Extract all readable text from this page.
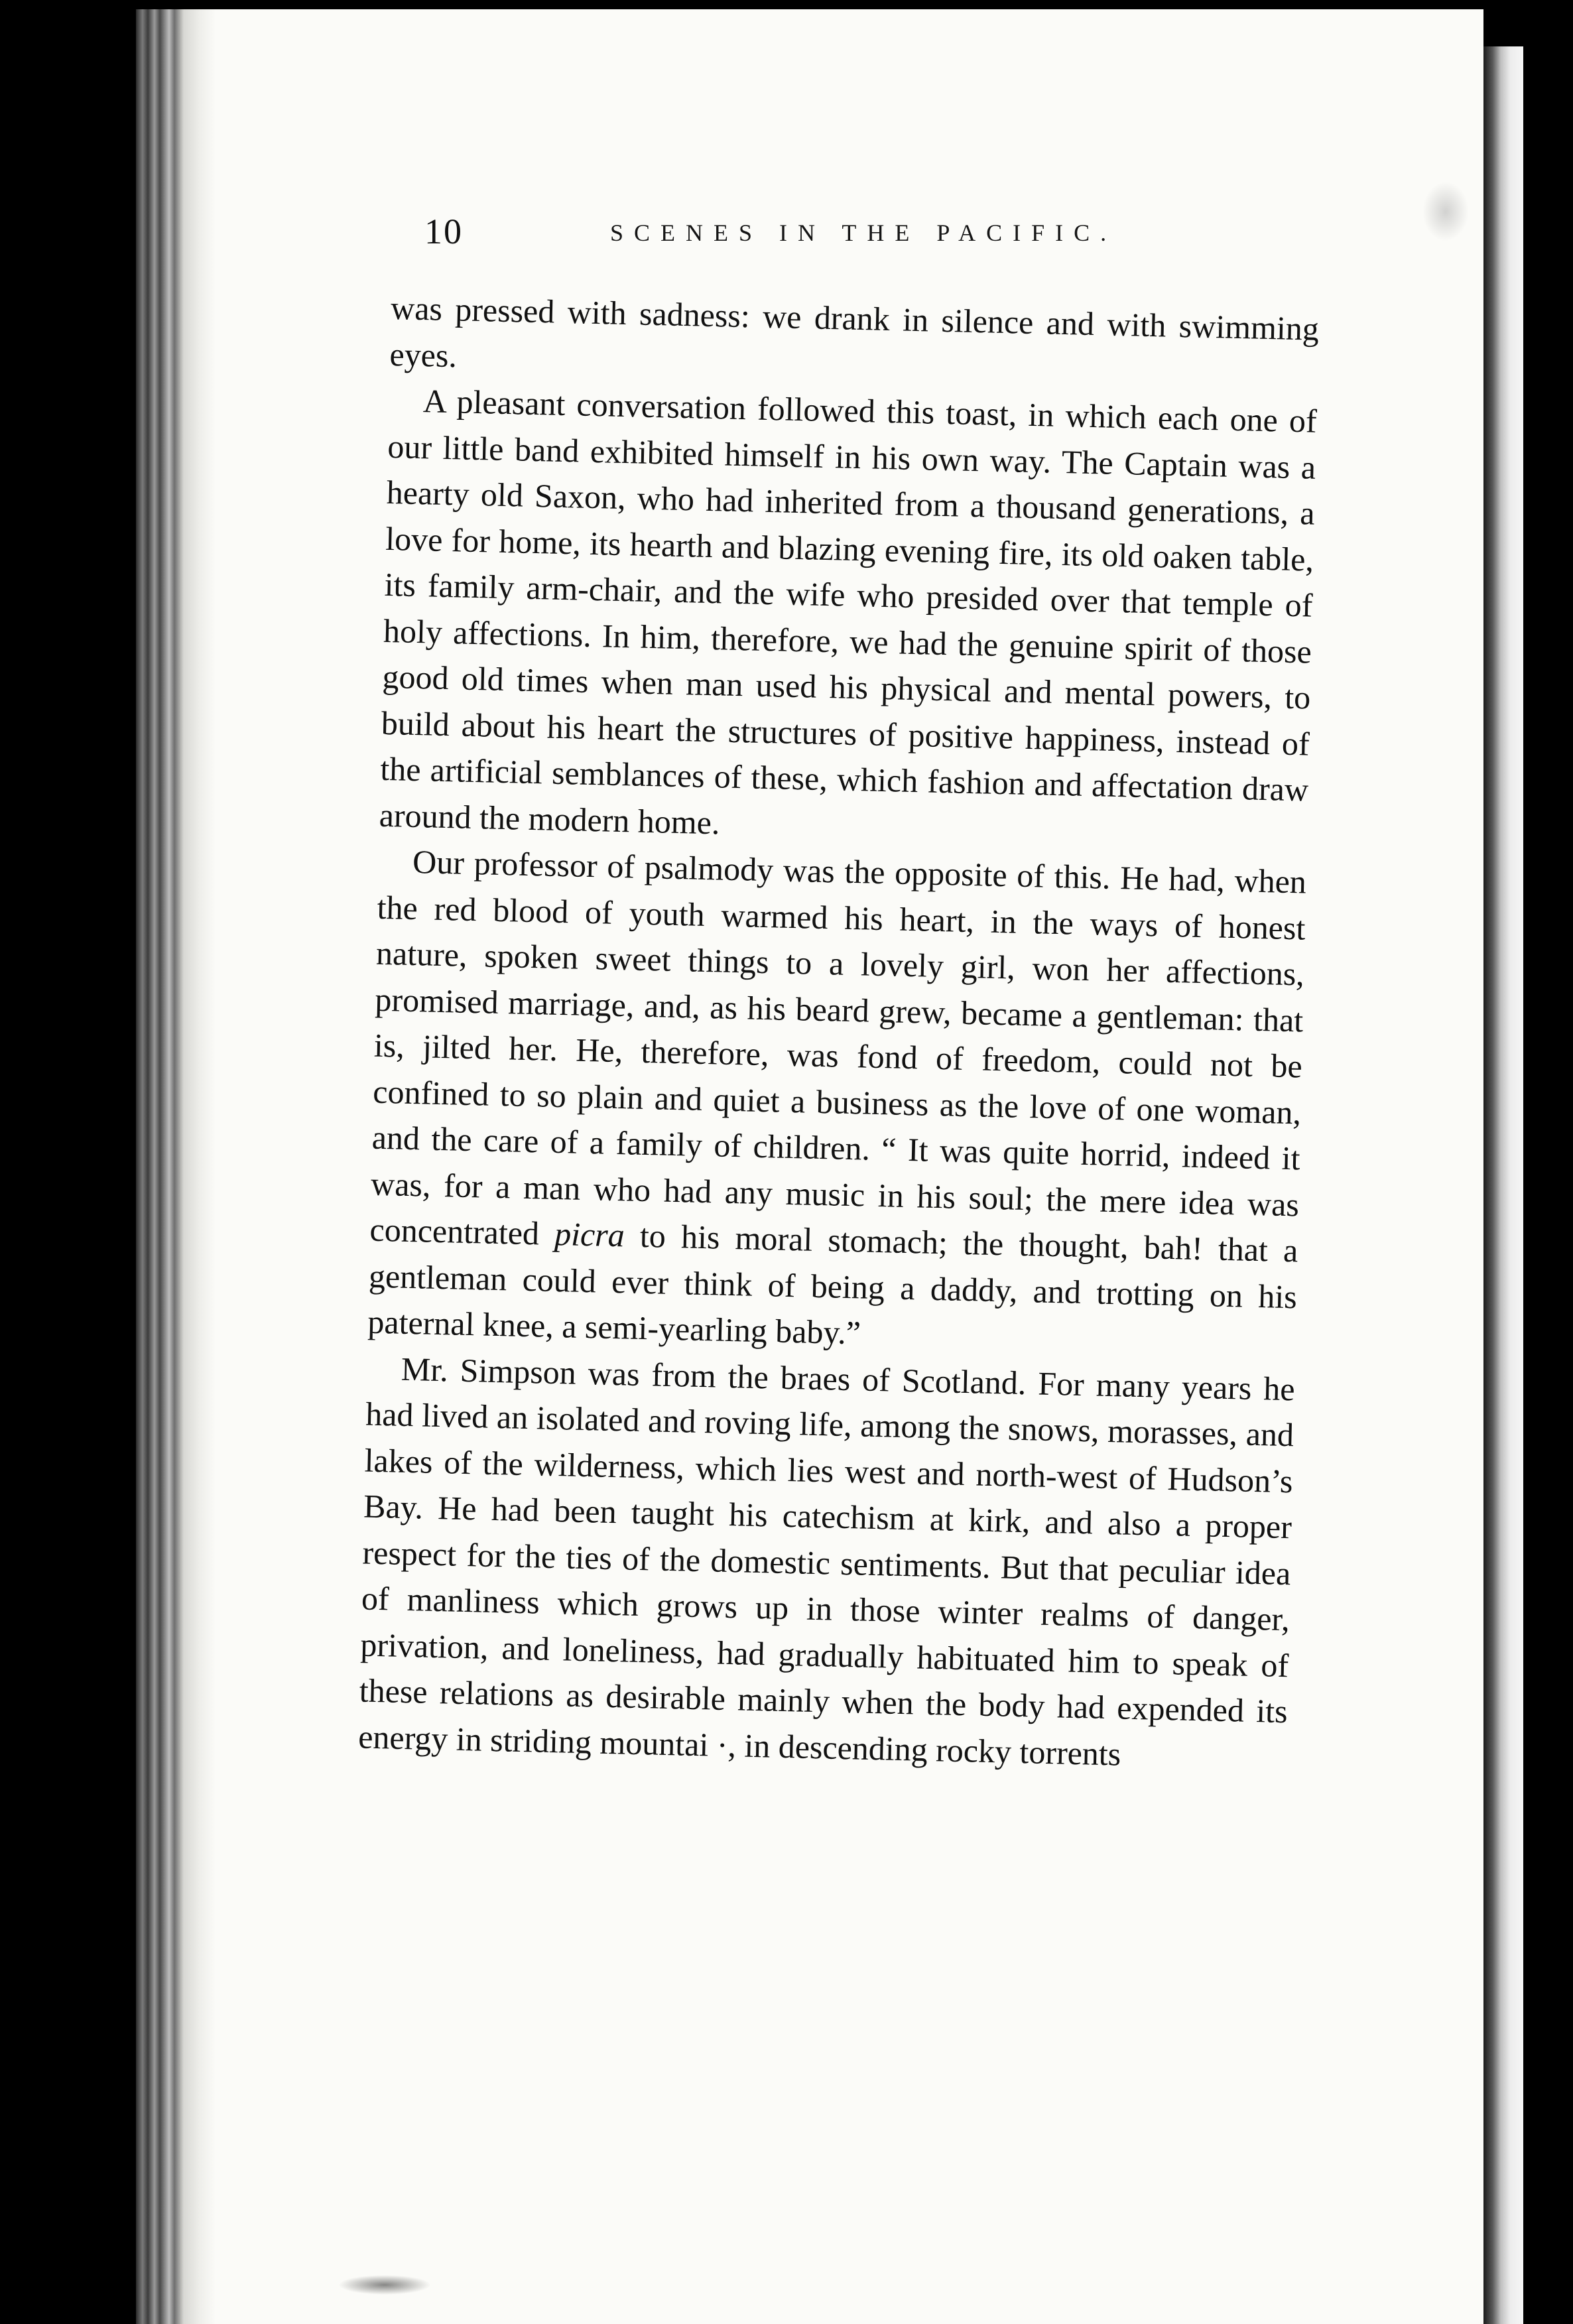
10	SCENES IN THE PACIFIC.

was pressed with sadness: we drank in silence and with swimming eyes.

A pleasant conversation followed this toast, in which each one of our little band exhibited himself in his own way. The Captain was a hearty old Saxon, who had inherited from a thousand generations, a love for home, its hearth and blazing evening fire, its old oaken table, its family arm-chair, and the wife who presided over that temple of holy affections. In him, therefore, we had the genuine spirit of those good old times when man used his physical and mental powers, to build about his heart the structures of positive happiness, instead of the artificial semblances of these, which fashion and affectation draw around the modern home.

Our professor of psalmody was the opposite of this. He had, when the red blood of youth warmed his heart, in the ways of honest nature, spoken sweet things to a lovely girl, won her affections, promised marriage, and, as his beard grew, became a gentleman: that is, jilted her. He, therefore, was fond of freedom, could not be confined to so plain and quiet a business as the love of one woman, and the care of a family of children. “ It was quite horrid, indeed it was, for a man who had any music in his soul; the mere idea was concentrated picra to his moral stomach; the thought, bah! that a gentleman could ever think of being a daddy, and trotting on his paternal knee, a semi-yearling baby.”

Mr. Simpson was from the braes of Scotland. For many years he had lived an isolated and roving life, among the snows, morasses, and lakes of the wilderness, which lies west and north-west of Hudson’s Bay. He had been taught his catechism at kirk, and also a proper respect for the ties of the domestic sentiments. But that peculiar idea of manliness which grows up in those winter realms of danger, privation, and loneliness, had gradually habituated him to speak of these relations as desirable mainly when the body had expended its energy in striding mountai ·, in descending rocky torrents
